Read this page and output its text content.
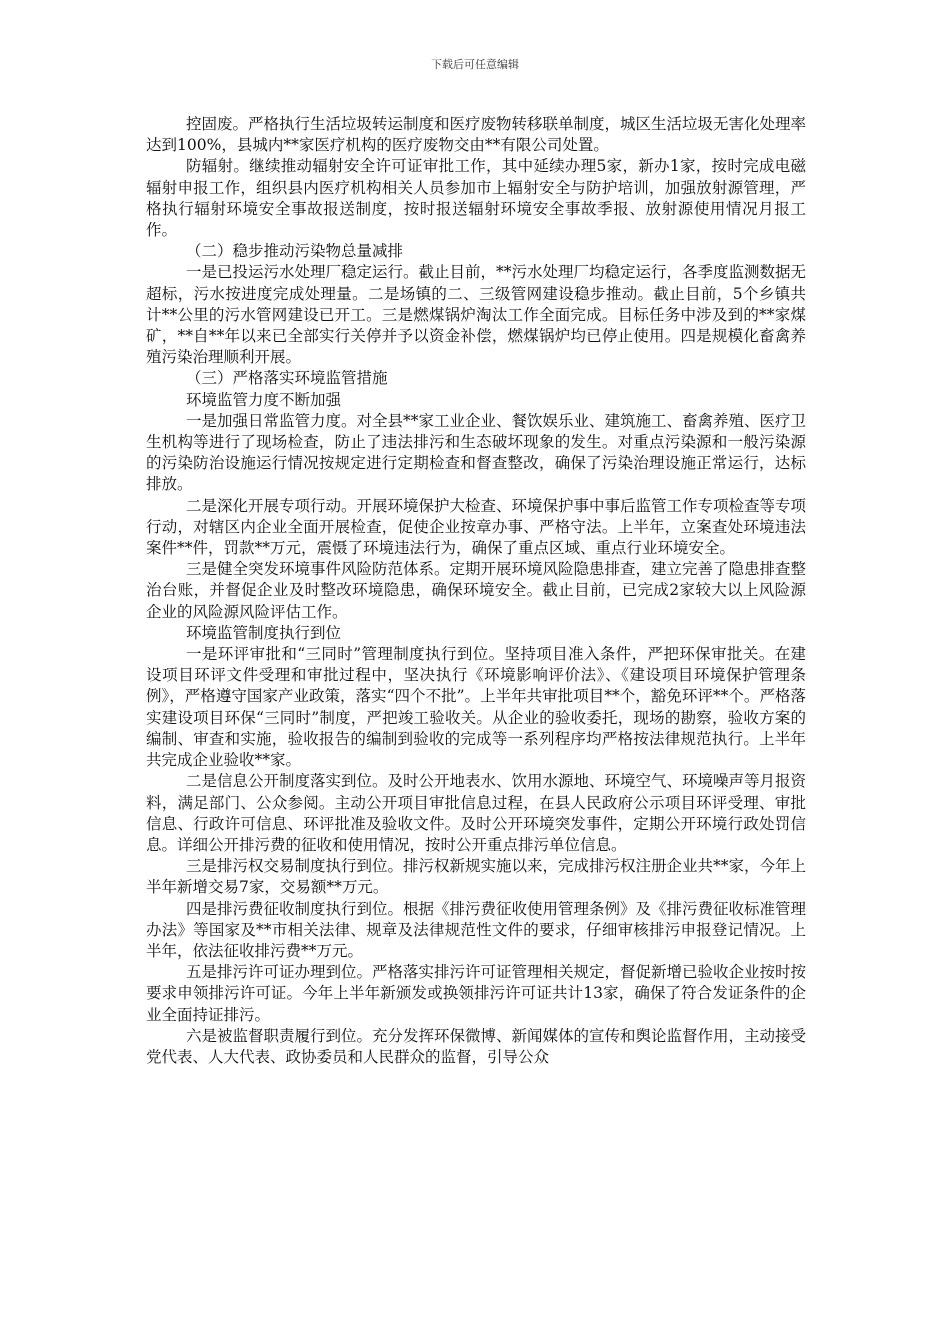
下载后可任意编辑

控固废。严格执行生活垃圾转运制度和医疗废物转移联单制度，城区生活垃圾无害化处理率达到100%，县城内**家医疗机构的医疗废物交由**有限公司处置。

防辐射。继续推动辐射安全许可证审批工作，其中延续办理5家，新办1家，按时完成电磁辐射申报工作，组织县内医疗机构相关人员参加市上辐射安全与防护培训，加强放射源管理，严格执行辐射环境安全事故报送制度，按时报送辐射环境安全事故季报、放射源使用情况月报工作。

（二）稳步推动污染物总量减排

一是已投运污水处理厂稳定运行。截止目前，**污水处理厂均稳定运行，各季度监测数据无超标，污水按进度完成处理量。二是场镇的二、三级管网建设稳步推动。截止目前，5个乡镇共计**公里的污水管网建设已开工。三是燃煤锅炉淘汰工作全面完成。目标任务中涉及到的**家煤矿，**自**年以来已全部实行关停并予以资金补偿，燃煤锅炉均已停止使用。四是规模化畜禽养殖污染治理顺利开展。

（三）严格落实环境监管措施

环境监管力度不断加强

一是加强日常监管力度。对全县**家工业企业、餐饮娱乐业、建筑施工、畜禽养殖、医疗卫生机构等进行了现场检查，防止了违法排污和生态破坏现象的发生。对重点污染源和一般污染源的污染防治设施运行情况按规定进行定期检查和督查整改，确保了污染治理设施正常运行，达标排放。

二是深化开展专项行动。开展环境保护大检查、环境保护事中事后监管工作专项检查等专项行动，对辖区内企业全面开展检查，促使企业按章办事、严格守法。上半年，立案查处环境违法案件**件，罚款**万元，震慑了环境违法行为，确保了重点区域、重点行业环境安全。

三是健全突发环境事件风险防范体系。定期开展环境风险隐患排查，建立完善了隐患排查整治台账，并督促企业及时整改环境隐患，确保环境安全。截止目前，已完成2家较大以上风险源企业的风险源风险评估工作。

环境监管制度执行到位

一是环评审批和“三同时”管理制度执行到位。坚持项目准入条件，严把环保审批关。在建设项目环评文件受理和审批过程中，坚决执行《环境影响评价法》、《建设项目环境保护管理条例》，严格遵守国家产业政策，落实“四个不批”。上半年共审批项目**个，豁免环评**个。严格落实建设项目环保“三同时”制度，严把竣工验收关。从企业的验收委托，现场的勘察，验收方案的编制、审查和实施，验收报告的编制到验收的完成等一系列程序均严格按法律规范执行。上半年共完成企业验收**家。

二是信息公开制度落实到位。及时公开地表水、饮用水源地、环境空气、环境噪声等月报资料，满足部门、公众参阅。主动公开项目审批信息过程，在县人民政府公示项目环评受理、审批信息、行政许可信息、环评批准及验收文件。及时公开环境突发事件，定期公开环境行政处罚信息。详细公开排污费的征收和使用情况，按时公开重点排污单位信息。

三是排污权交易制度执行到位。排污权新规实施以来，完成排污权注册企业共**家，今年上半年新增交易7家，交易额**万元。

四是排污费征收制度执行到位。根据《排污费征收使用管理条例》及《排污费征收标准管理办法》等国家及**市相关法律、规章及法律规范性文件的要求，仔细审核排污申报登记情况。上半年，依法征收排污费**万元。

五是排污许可证办理到位。严格落实排污许可证管理相关规定，督促新增已验收企业按时按要求申领排污许可证。今年上半年新颁发或换领排污许可证共计13家，确保了符合发证条件的企业全面持证排污。

六是被监督职责履行到位。充分发挥环保微博、新闻媒体的宣传和舆论监督作用，主动接受党代表、人大代表、政协委员和人民群众的监督，引导公众
